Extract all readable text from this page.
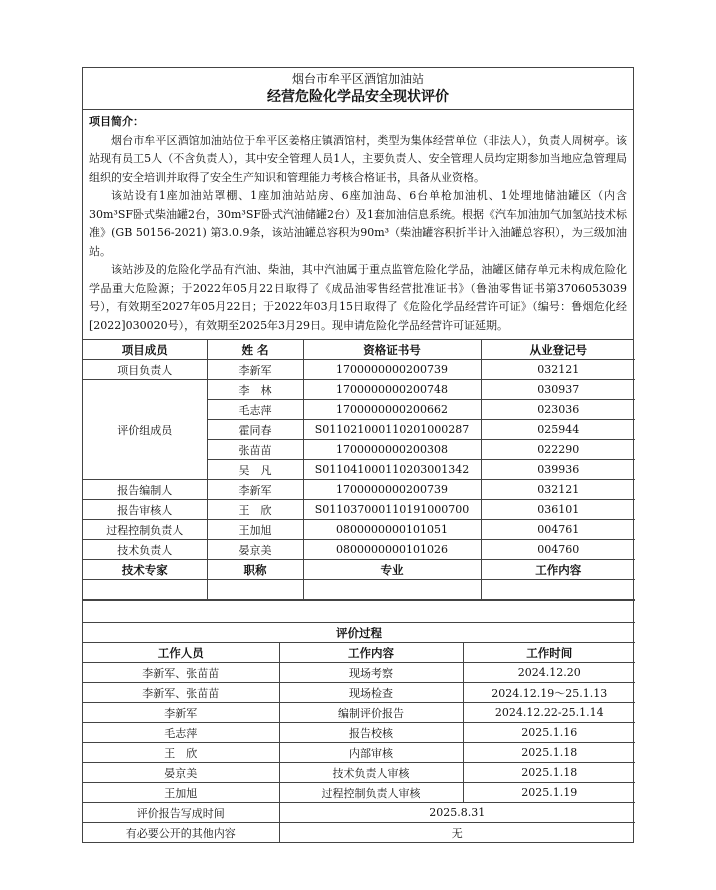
烟台市牟平区酒馆加油站
经营危险化学品安全现状评价
项目简介：

烟台市牟平区酒馆加油站位于牟平区姜格庄镇酒馆村，类型为集体经营单位（非法人），负责人周树亭。该站现有员工5人（不含负责人），其中安全管理人员1人，主要负责人、安全管理人员均定期参加当地应急管理局组织的安全培训并取得了安全生产知识和管理能力考核合格证书，具备从业资格。

该站设有1座加油站罩棚、1座加油站站房、6座加油岛、6台单枪加油机、1处埋地储油罐区（内含30m³SF卧式柴油罐2台，30m³SF卧式汽油储罐2台）及1套加油信息系统。根据《汽车加油加气加氢站技术标准》(GB 50156-2021) 第3.0.9条，该站油罐总容积为90m³（柴油罐容积折半计入油罐总容积），为三级加油站。

该站涉及的危险化学品有汽油、柴油，其中汽油属于重点监管危险化学品，油罐区储存单元未构成危险化学品重大危险源；于2022年05月22日取得了《成品油零售经营批准证书》（鲁油零售证书第3706053039号），有效期至2027年05月22日；于2022年03月15日取得了《危险化学品经营许可证》（编号：鲁烟危化经[2022]030020号），有效期至2025年3月29日。现申请危险化学品经营许可证延期。

项目成员	姓 名	资格证书号	从业登记号
项目负责人	李新军	1700000000200739	032121
评价组成员	李　林	1700000000200748	030937
	毛志萍	1700000000200662	023036
	霍同春	S011021000110201000287	025944
	张苗苗	1700000000200308	022290
	吴　凡	S011041000110203001342	039936
报告编制人	李新军	1700000000200739	032121
报告审核人	王　欣	S011037000110191000700	036101
过程控制负责人	王加旭	0800000000101051	004761
技术负责人	晏京美	0800000000101026	004760
技术专家	职称	专业	工作内容

评价过程		
工作人员	工作内容	工作时间
李新军、张苗苗	现场考察	2024.12.20
李新军、张苗苗	现场检查	2024.12.19～25.1.13
李新军	编制评价报告	2024.12.22-25.1.14
毛志萍	报告校核	2025.1.16
王　欣	内部审核	2025.1.18
晏京美	技术负责人审核	2025.1.18
王加旭	过程控制负责人审核	2025.1.19
评价报告写成时间	2025.8.31	
有必要公开的其他内容	无	
